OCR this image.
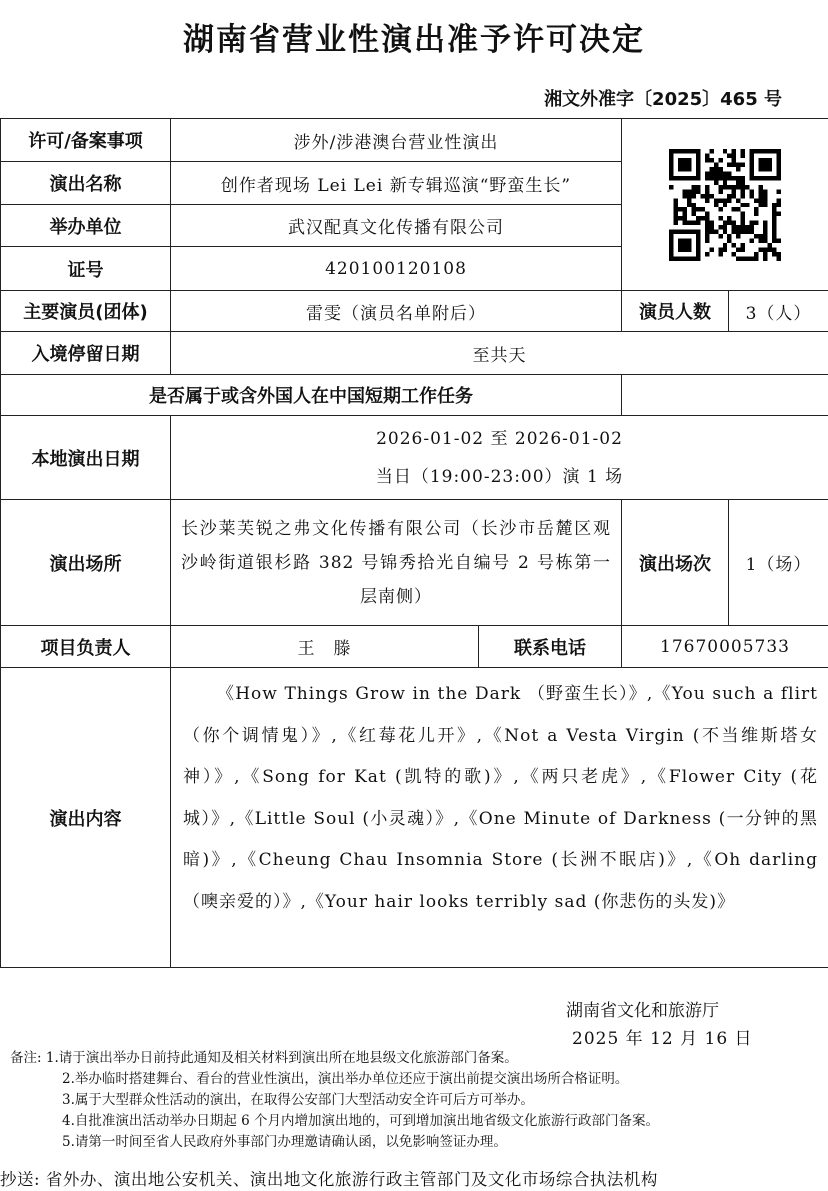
湖南省营业性演出准予许可决定
湘文外准字〔2025〕465 号
许可/备案事项	涉外/涉港澳台营业性演出	

演出名称	创作者现场 Lei Lei 新专辑巡演“野蛮生长”			
举办单位	武汉配真文化传播有限公司			
证号	420100120108			
主要演员(团体)	雷雯（演员名单附后）		演员人数	3（人）
入境停留日期	至共天			
是否属于或含外国人在中国短期工作任务				
本地演出日期	2026-01-02 至 2026-01-02
当日（19:00-23:00）演 1 场			

演出场所	长沙莱芙锐之弗文化传播有限公司（长沙市岳麓区观沙岭街道银杉路 382 号锦秀拾光自编号 2 号栋第一层南侧）		演出场次	1（场）
项目负责人	王　滕	联系电话	17670005733	
演出内容	《How Things Grow in the Dark （野蛮生长）》,《You such a flirt（你个调情鬼）》,《红莓花儿开》,《Not a Vesta Virgin (不当维斯塔女神）》,《Song for Kat (凯特的歌)》,《两只老虎》,《Flower City (花城）》,《Little Soul (小灵魂）》,《One Minute of Darkness (一分钟的黑暗)》,《Cheung Chau Insomnia Store (长洲不眠店)》,《Oh darling（噢亲爱的）》,《Your hair looks terribly sad (你悲伤的头发)》			
湖南省文化和旅游厅
2025 年 12 月 16 日
备注: 1.请于演出举办日前持此通知及相关材料到演出所在地县级文化旅游部门备案。
2.举办临时搭建舞台、看台的营业性演出，演出举办单位还应于演出前提交演出场所合格证明。
3.属于大型群众性活动的演出，在取得公安部门大型活动安全许可后方可举办。
4.自批准演出活动举办日期起 6 个月内增加演出地的，可到增加演出地省级文化旅游行政部门备案。
5.请第一时间至省人民政府外事部门办理邀请确认函，以免影响签证办理。
抄送: 省外办、演出地公安机关、演出地文化旅游行政主管部门及文化市场综合执法机构
